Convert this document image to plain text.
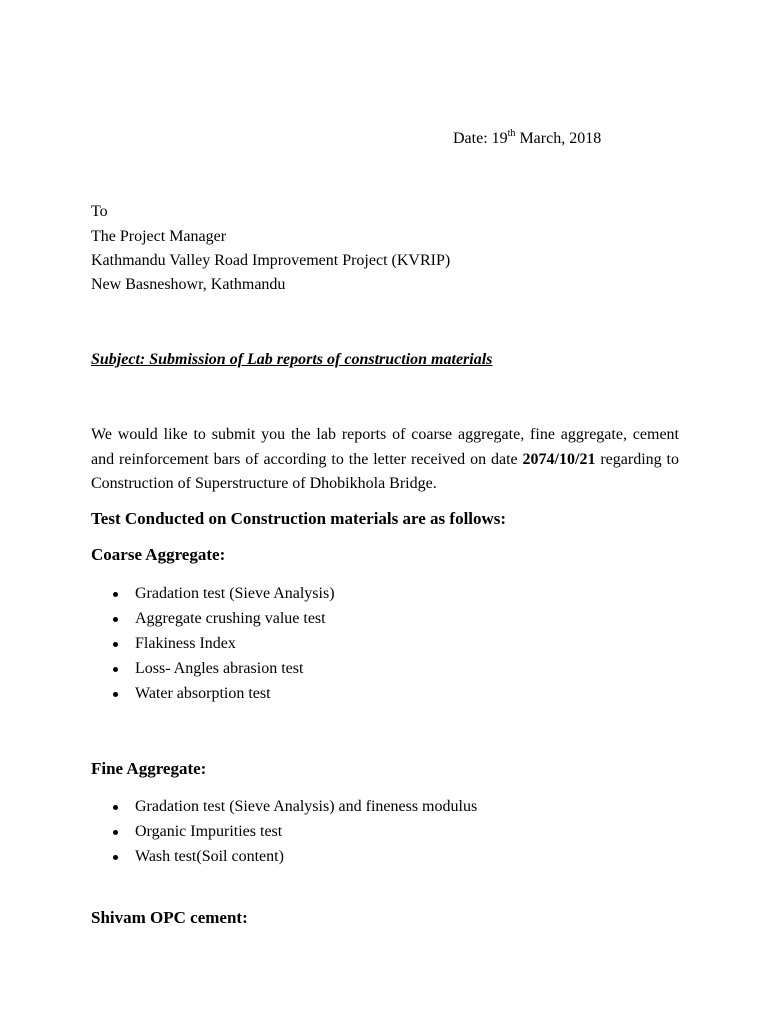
Date: 19th March, 2018
To
The Project Manager
Kathmandu Valley Road Improvement Project (KVRIP)
New Basneshowr, Kathmandu
Subject: Submission of Lab reports of construction materials
We would like to submit you the lab reports of coarse aggregate, fine aggregate, cement and reinforcement bars of according to the letter received on date 2074/10/21 regarding to Construction of Superstructure of Dhobikhola Bridge.
Test Conducted on Construction materials are as follows:
Coarse Aggregate:
Gradation test (Sieve Analysis)
Aggregate crushing value test
Flakiness Index
Loss- Angles abrasion test
Water absorption test
Fine Aggregate:
Gradation test (Sieve Analysis) and fineness modulus
Organic Impurities test
Wash test(Soil content)
Shivam OPC cement:
